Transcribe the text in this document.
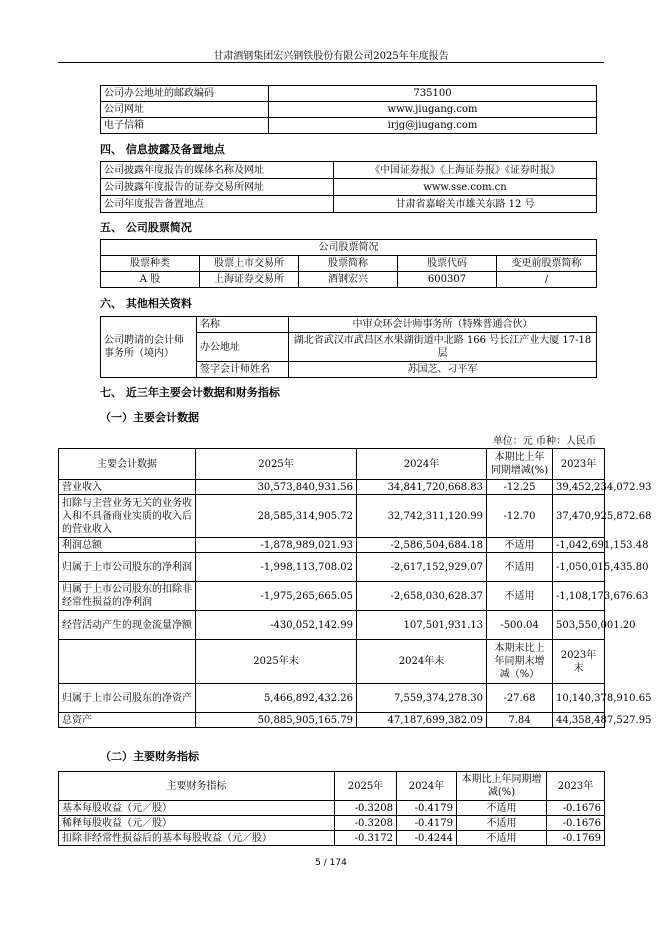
甘肃酒钢集团宏兴钢铁股份有限公司2025年年度报告
公司办公地址的邮政编码	735100
公司网址	www.jiugang.com
电子信箱	irjg@jiugang.com
四、 信息披露及备置地点
公司披露年度报告的媒体名称及网址	《中国证券报》《上海证券报》《证券时报》
公司披露年度报告的证券交易所网址	www.sse.com.cn
公司年度报告备置地点	甘肃省嘉峪关市雄关东路 12 号
五、 公司股票简况
公司股票简况				
股票种类	股票上市交易所	股票简称	股票代码	变更前股票简称
A 股	上海证券交易所	酒钢宏兴	600307	/
六、 其他相关资料
公司聘请的会计师事务所（境内）	名称	中审众环会计师事务所（特殊普通合伙）
	办公地址	湖北省武汉市武昌区水果湖街道中北路 166 号长江产业大厦 17-18 层
	签字会计师姓名	苏国芝、刁平军
七、 近三年主要会计数据和财务指标
（一）主要会计数据
单位：元 币种：人民币
主要会计数据	2025年	2024年	本期比上年同期增减(%)	2023年
营业收入	30,573,840,931.56	34,841,720,668.83	-12.25	39,452,234,072.93
扣除与主营业务无关的业务收入和不具备商业实质的收入后的营业收入	28,585,314,905.72	32,742,311,120.99	-12.70	37,470,925,872.68
利润总额	-1,878,989,021.93	-2,586,504,684.18	不适用	-1,042,691,153.48
归属于上市公司股东的净利润	-1,998,113,708.02	-2,617,152,929.07	不适用	-1,050,015,435.80
归属于上市公司股东的扣除非经常性损益的净利润	-1,975,265,665.05	-2,658,030,628.37	不适用	-1,108,173,676.63
经营活动产生的现金流量净额	-430,052,142.99	107,501,931.13	-500.04	503,550,001.20
	2025年末	2024年末	本期末比上年同期末增减（%）	2023年末
归属于上市公司股东的净资产	5,466,892,432.26	7,559,374,278.30	-27.68	10,140,378,910.65
总资产	50,885,905,165.79	47,187,699,382.09	7.84	44,358,487,527.95
（二）主要财务指标
主要财务指标	2025年	2024年	本期比上年同期增减(%)	2023年
基本每股收益（元／股）	-0.3208	-0.4179	不适用	-0.1676
稀释每股收益（元／股）	-0.3208	-0.4179	不适用	-0.1676
扣除非经常性损益后的基本每股收益（元／股）	-0.3172	-0.4244	不适用	-0.1769
5 / 174
